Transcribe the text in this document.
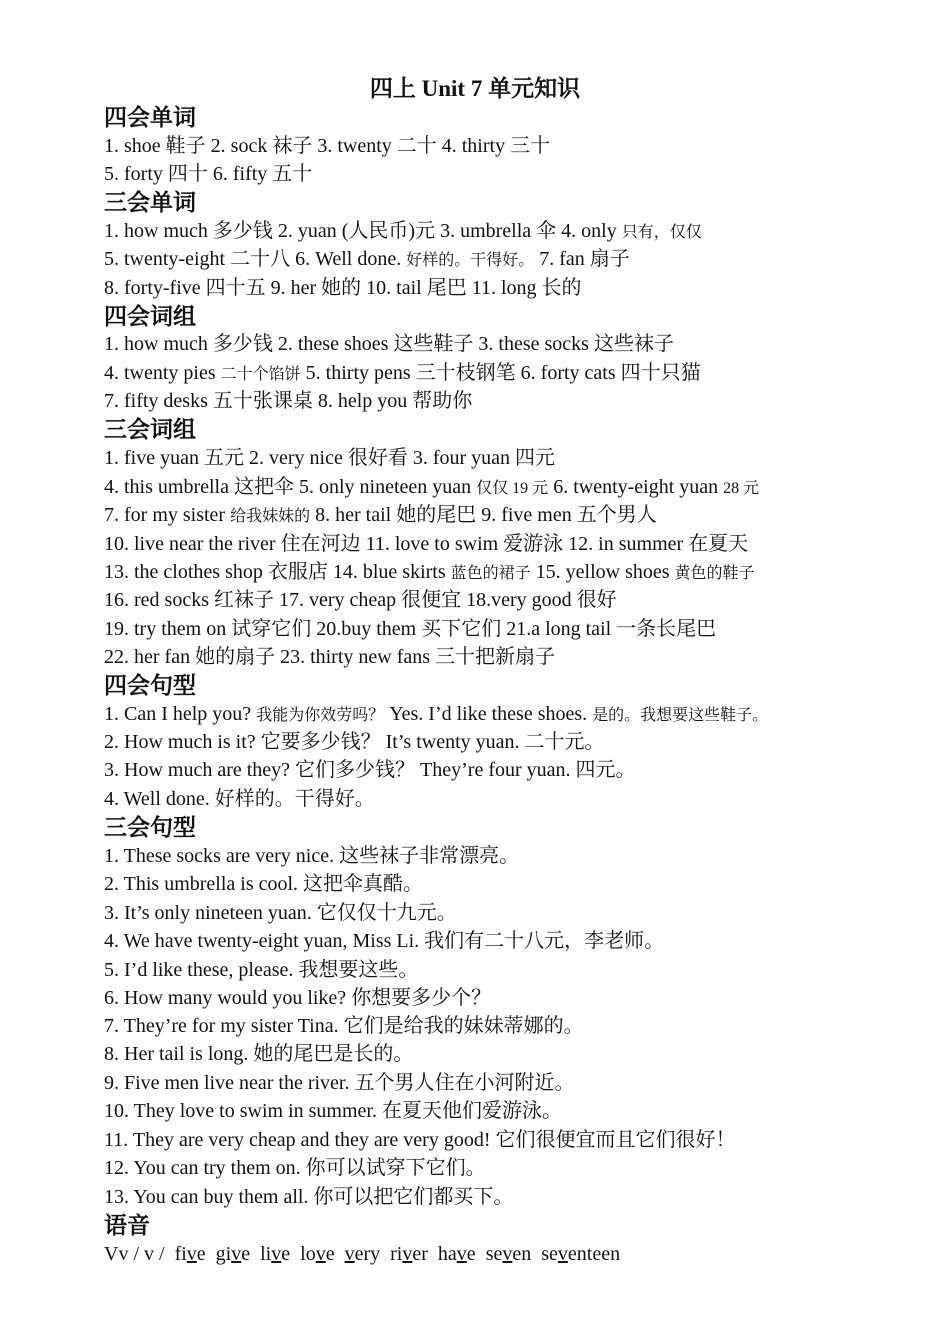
四上 Unit 7 单元知识
四会单词
1. shoe 鞋子 2. sock 袜子 3. twenty 二十 4. thirty 三十
5. forty 四十 6. fifty 五十
三会单词
1. how much 多少钱 2. yuan (人民币)元 3. umbrella 伞 4. only 只有，仅仅
5. twenty-eight 二十八 6. Well done. 好样的。干得好。 7. fan 扇子
8. forty-five 四十五 9. her 她的 10. tail 尾巴 11. long 长的
四会词组
1. how much 多少钱 2. these shoes 这些鞋子 3. these socks 这些袜子
4. twenty pies 二十个馅饼 5. thirty pens 三十枝钢笔 6. forty cats 四十只猫
7. fifty desks 五十张课桌 8. help you 帮助你
三会词组
1. five yuan 五元 2. very nice 很好看 3. four yuan 四元
4. this umbrella 这把伞 5. only nineteen yuan 仅仅 19 元 6. twenty-eight yuan 28 元
7. for my sister 给我妹妹的 8. her tail 她的尾巴 9. five men 五个男人
10. live near the river 住在河边 11. love to swim 爱游泳 12. in summer 在夏天
13. the clothes shop 衣服店 14. blue skirts 蓝色的裙子 15. yellow shoes 黄色的鞋子
16. red socks 红袜子 17. very cheap 很便宜 18.very good 很好
19. try them on 试穿它们 20.buy them 买下它们 21.a long tail 一条长尾巴
22. her fan 她的扇子 23. thirty new fans 三十把新扇子
四会句型
1. Can I help you? 我能为你效劳吗？ Yes. I’d like these shoes. 是的。我想要这些鞋子。
2. How much is it? 它要多少钱？ It’s twenty yuan. 二十元。
3. How much are they? 它们多少钱？ They’re four yuan. 四元。
4. Well done. 好样的。干得好。
三会句型
1. These socks are very nice. 这些袜子非常漂亮。
2. This umbrella is cool. 这把伞真酷。
3. It’s only nineteen yuan. 它仅仅十九元。
4. We have twenty-eight yuan, Miss Li. 我们有二十八元，李老师。
5. I’d like these, please. 我想要这些。
6. How many would you like? 你想要多少个？
7. They’re for my sister Tina. 它们是给我的妹妹蒂娜的。
8. Her tail is long. 她的尾巴是长的。
9. Five men live near the river. 五个男人住在小河附近。
10. They love to swim in summer. 在夏天他们爱游泳。
11. They are very cheap and they are very good! 它们很便宜而且它们很好！
12. You can try them on. 你可以试穿下它们。
13. You can buy them all. 你可以把它们都买下。
语音
Vv / v / five give live love very river have seven seventeen
